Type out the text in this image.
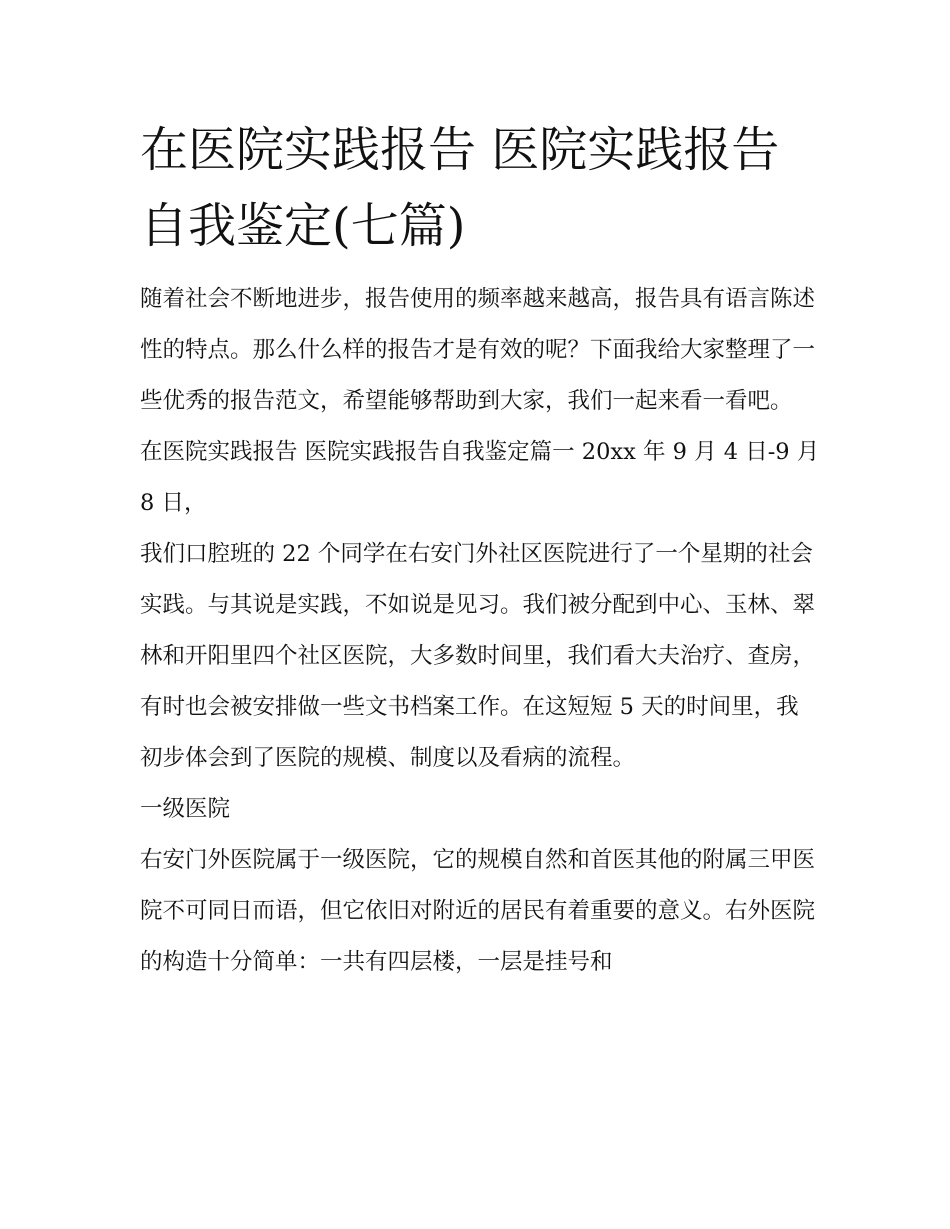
在医院实践报告 医院实践报告
自我鉴定(七篇)

随着社会不断地进步，报告使用的频率越来越高，报告具有语言陈述性的特点。那么什么样的报告才是有效的呢？下面我给大家整理了一些优秀的报告范文，希望能够帮助到大家，我们一起来看一看吧。

在医院实践报告 医院实践报告自我鉴定篇一 20xx 年 9 月 4 日-9 月 8 日，

我们口腔班的 22 个同学在右安门外社区医院进行了一个星期的社会实践。与其说是实践，不如说是见习。我们被分配到中心、玉林、翠林和开阳里四个社区医院，大多数时间里，我们看大夫治疗、查房，有时也会被安排做一些文书档案工作。在这短短 5 天的时间里，我初步体会到了医院的规模、制度以及看病的流程。

一级医院

右安门外医院属于一级医院，它的规模自然和首医其他的附属三甲医院不可同日而语，但它依旧对附近的居民有着重要的意义。右外医院的构造十分简单：一共有四层楼，一层是挂号和
